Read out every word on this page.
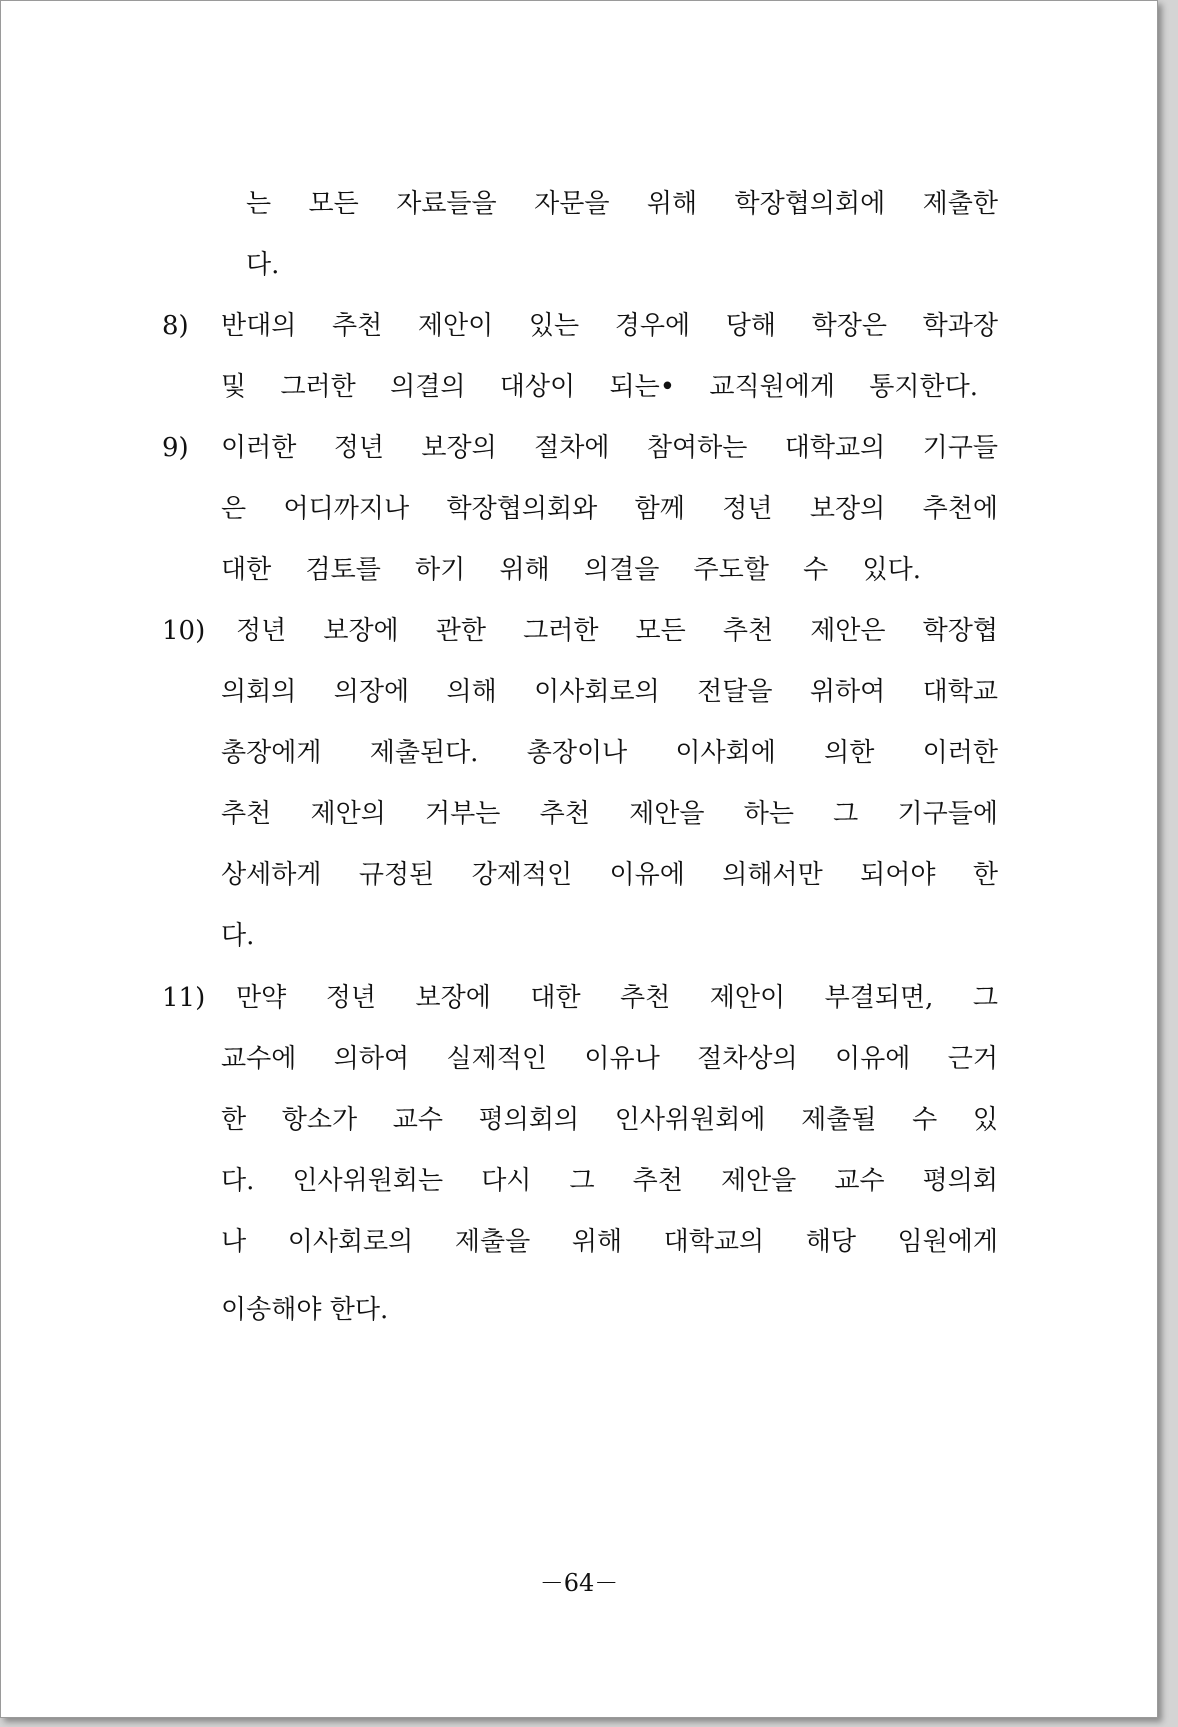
는 모든 자료들을 자문을 위해 학장협의회에 제출한
다.
8) 반대의 추천 제안이 있는 경우에 당해 학장은 학과장
및 그러한 의결의 대상이 되는• 교직원에게 통지한다.
9) 이러한 정년 보장의 절차에 참여하는 대학교의 기구들
은 어디까지나 학장협의회와 함께 정년 보장의 추천에
대한 검토를 하기 위해 의결을 주도할 수 있다.
10) 정년 보장에 관한 그러한 모든 추천 제안은 학장협
의회의 의장에 의해 이사회로의 전달을 위하여 대학교
총장에게 제출된다. 총장이나 이사회에 의한 이러한
추천 제안의 거부는 추천 제안을 하는 그 기구들에
상세하게 규정된 강제적인 이유에 의해서만 되어야 한
다.
11) 만약 정년 보장에 대한 추천 제안이 부결되면, 그
교수에 의하여 실제적인 이유나 절차상의 이유에 근거
한 항소가 교수 평의회의 인사위원회에 제출될 수 있
다. 인사위원회는 다시 그 추천 제안을 교수 평의회
나 이사회로의 제출을 위해 대학교의 해당 임원에게
이송해야 한다.
－64－
